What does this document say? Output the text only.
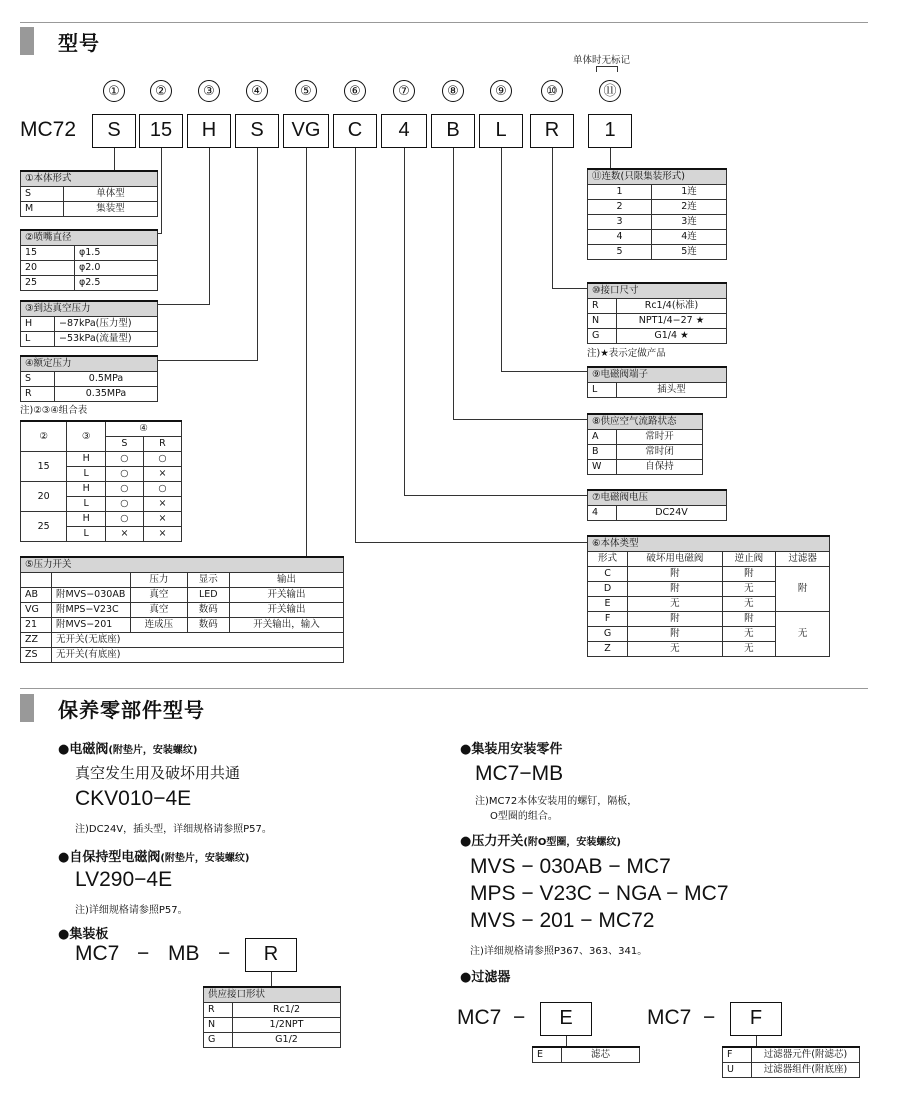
型号
单体时无标记
①	②	③	④	⑤	⑥	⑦	⑧	⑨	⑩	⑪
MC72	S	15	H	S	VG	C	4	B	L	R	1
①本体形式	
S	单体型
M	集装型
②喷嘴直径	
15	φ1.5
20	φ2.0
25	φ2.5
③到达真空压力	
H	−87kPa(压力型)
L	−53kPa(流量型)
④额定压力	
S	0.5MPa
R	0.35MPa
注)②③④组合表
②	③	④	
		S	R
15	H	○	○
	L	○	×
20	H	○	○
	L	○	×
25	H	○	×
	L	×	×
⑤压力开关				
		压力	显示	输出
AB	附MVS−030AB	真空	LED	开关输出
VG	附MPS−V23C	真空	数码	开关输出
21	附MVS−201	连成压	数码	开关输出，输入
ZZ	无开关(无底座)			
ZS	无开关(有底座)			
⑪连数(只限集装形式)	
1	1连
2	2连
3	3连
4	4连
5	5连
⑩接口尺寸	
R	Rc1/4(标准)
N	NPT1/4−27 ★
G	G1/4 ★
注)★表示定做产品
⑨电磁阀端子
L	插头型
⑧供应空气流路状态	
A	常时开
B	常时闭
W	自保持
⑦电磁阀电压
4	DC24V
⑥本体类型			
形式	破坏用电磁阀	逆止阀	过滤器
C	附	附	附
D	附	无	
E	无	无	
F	附	附	无
G	附	无	
Z	无	无	
保养零部件型号
●电磁阀(附垫片，安装螺纹)
真空发生用及破坏用共通
CKV010−4E
注)DC24V，插头型，详细规格请参照P57。
●自保持型电磁阀(附垫片，安装螺纹)
LV290−4E
注)详细规格请参照P57。
●集装板
MC7 − MB −	R
供应接口形状	
R	Rc1/2
N	1/2NPT
G	G1/2
●集装用安装零件
MC7−MB
注)MC72本体安装用的螺钉，隔板，
O型圈的组合。
●压力开关(附O型圈，安装螺纹)
MVS − 030AB − MC7
MPS − V23C − NGA − MC7
MVS − 201 − MC72
注)详细规格请参照P367、363、341。
●过滤器
MC7 −	E
E	滤芯
MC7 −	F
F	过滤器元件(附滤芯)
U	过滤器组件(附底座)
